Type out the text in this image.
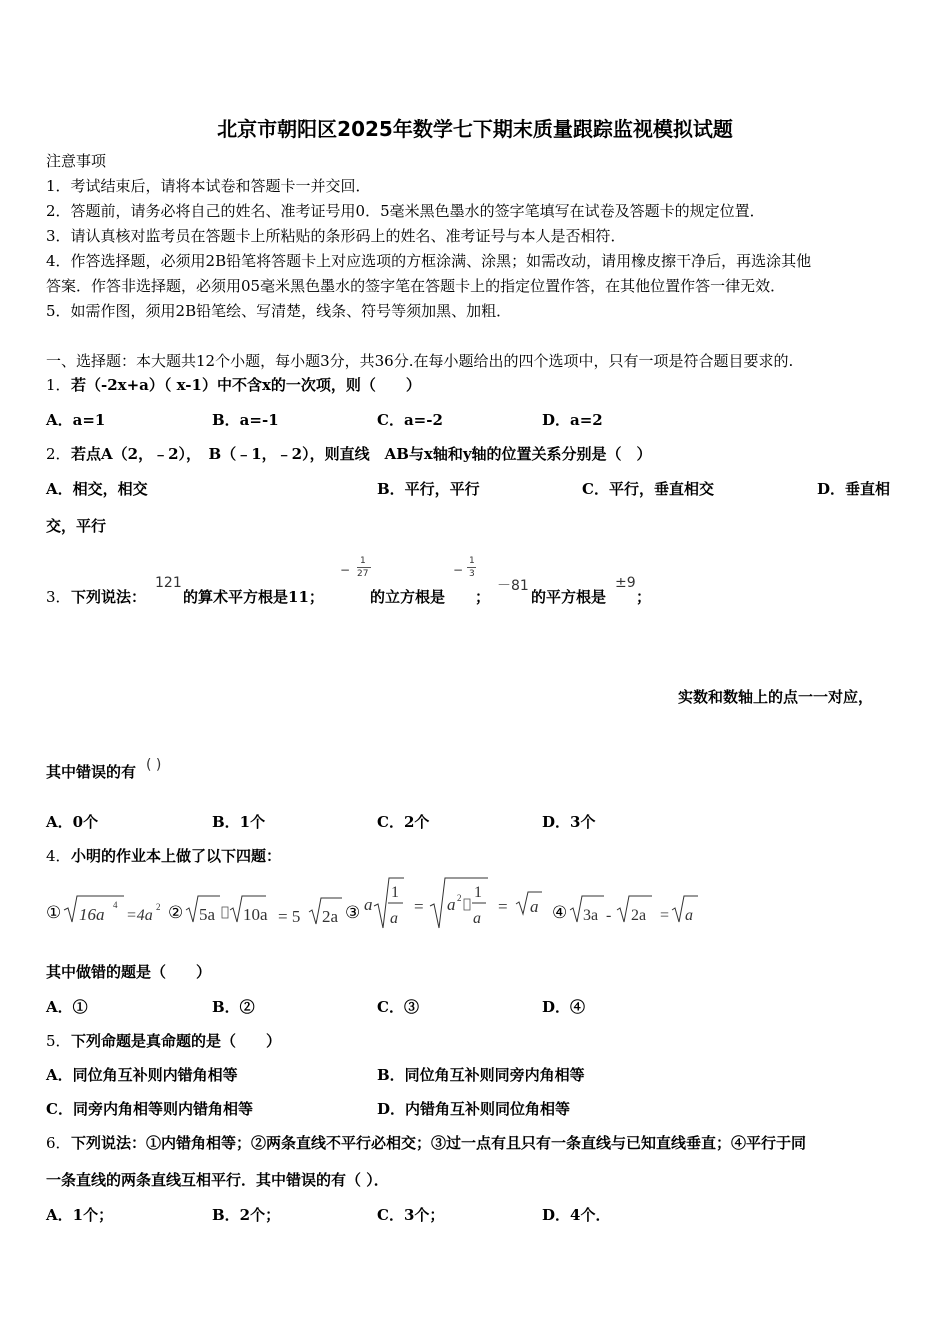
北京市朝阳区2025年数学七下期末质量跟踪监视模拟试题
注意事项
1．考试结束后，请将本试卷和答题卡一并交回．
2．答题前，请务必将自己的姓名、准考证号用0．5毫米黑色墨水的签字笔填写在试卷及答题卡的规定位置．
3．请认真核对监考员在答题卡上所粘贴的条形码上的姓名、准考证号与本人是否相符．
4．作答选择题，必须用2B铅笔将答题卡上对应选项的方框涂满、涂黑；如需改动，请用橡皮擦干净后，再选涂其他
答案．作答非选择题，必须用05毫米黑色墨水的签字笔在答题卡上的指定位置作答，在其他位置作答一律无效．
5．如需作图，须用2B铅笔绘、写清楚，线条、符号等须加黑、加粗．
一、选择题：本大题共12个小题，每小题3分，共36分.在每小题给出的四个选项中，只有一项是符合题目要求的.
1． 若（-2x+a）（ x-1）中不含x的一次项，则（　　）
A．a=1	B．a=-1	C．a=-2	D．a=2
2． 若点A（2，﹣2），　B（﹣1，﹣2），则直线　AB与x轴和y轴的位置关系分别是（　）
A．相交，相交	B．平行，平行	C．平行，垂直相交	D．垂直相
交，平行
3． 下列说法：
121
的算术平方根是11；
−
1
27
的立方根是
−
1
3
；
－81
的平方根是
±9
；
实数和数轴上的点一一对应，
其中错误的有 ( )
A．0个	B．1个	C．2个	D．3个
4． 小明的作业本上做了以下四题：
① 16a 4
=4a 2 ② 5a 10a = 5 2a ③ a
1
a
= a 2 1
a
= a ④ 3a - 2a = a
其中做错的题是（　　）
A．①	B．②	C．③	D．④
5． 下列命题是真命题的是（　　）
A．同位角互补则内错角相等	B．同位角互补则同旁内角相等
C．同旁内角相等则内错角相等	D．内错角互补则同位角相等
6． 下列说法：①内错角相等；②两条直线不平行必相交；③过一点有且只有一条直线与已知直线垂直；④平行于同
一条直线的两条直线互相平行．其中错误的有（ ）．
A．1个；	B．2个；	C．3个；	D．4个．
